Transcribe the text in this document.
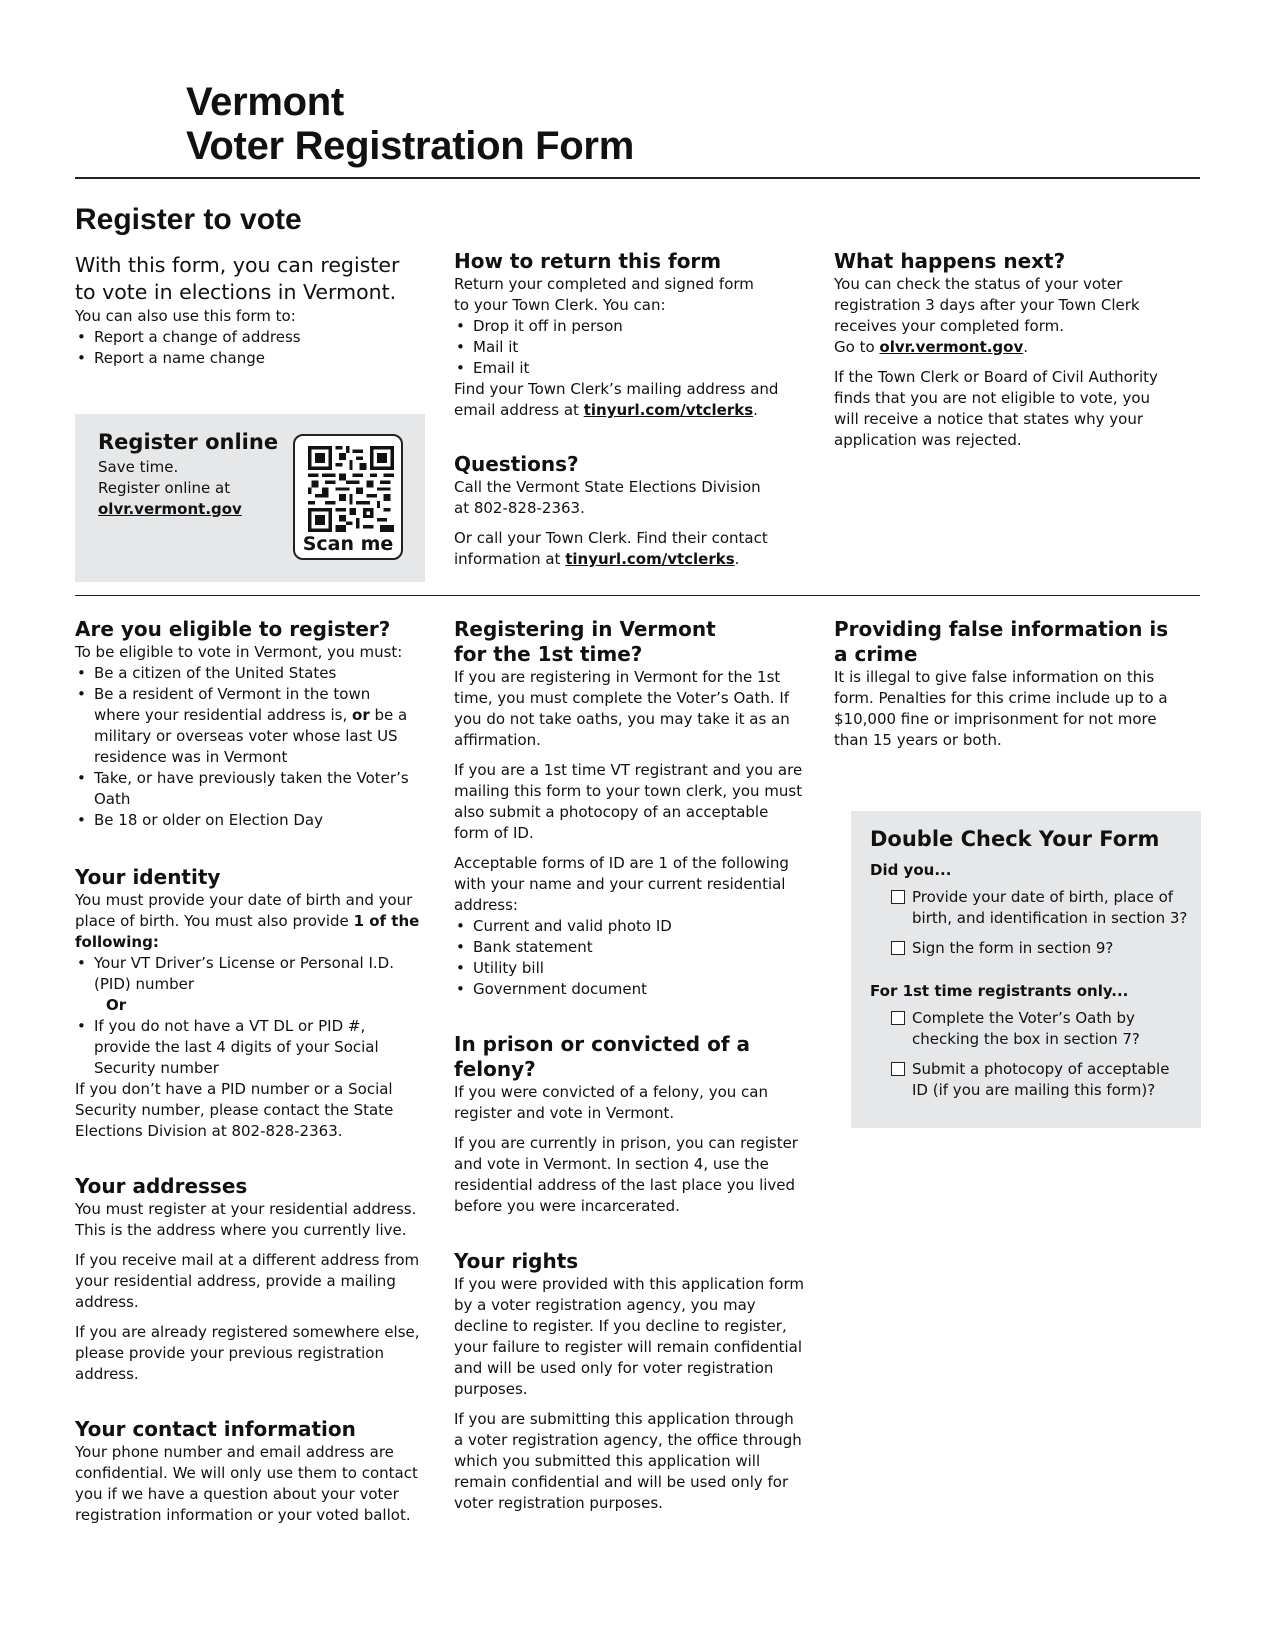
Vermont
Voter Registration Form
Register to vote

With this form, you can register

to vote in elections in Vermont.

You can also use this form to:

• Report a change of address
• Report a name change
Register online

Save time.

Register online at

olvr.vermont.gov

Scan me
How to return this form

Return your completed and signed form

to your Town Clerk. You can:

• Drop it off in person
• Mail it
• Email it

Find your Town Clerk’s mailing address and

email address at tinyurl.com/vtclerks.

Questions?

Call the Vermont State Elections Division

at 802-828-2363.

Or call your Town Clerk. Find their contact

information at tinyurl.com/vtclerks.

What happens next?

You can check the status of your voter

registration 3 days after your Town Clerk

receives your completed form.

Go to olvr.vermont.gov.

If the Town Clerk or Board of Civil Authority

finds that you are not eligible to vote, you

will receive a notice that states why your

application was rejected.

Are you eligible to register?

To be eligible to vote in Vermont, you must:

• Be a citizen of the United States
• Be a resident of Vermont in the town where your residential address is, or be a military or overseas voter whose last US residence was in Vermont
• Take, or have previously taken the Voter’s Oath
• Be 18 or older on Election Day
Your identity

You must provide your date of birth and your place of birth. You must also provide 1 of the following:

• Your VT Driver’s License or Personal I.D. (PID) number

Or

• If you do not have a VT DL or PID #, provide the last 4 digits of your Social Security number

If you don’t have a PID number or a Social Security number, please contact the State Elections Division at 802-828-2363.

Your addresses

You must register at your residential address. This is the address where you currently live.

If you receive mail at a different address from your residential address, provide a mailing address.

If you are already registered somewhere else, please provide your previous registration address.

Your contact information

Your phone number and email address are confidential. We will only use them to contact you if we have a question about your voter registration information or your voted ballot.

Registering in Vermont
for the 1st time?

If you are registering in Vermont for the 1st time, you must complete the Voter’s Oath. If you do not take oaths, you may take it as an affirmation.

If you are a 1st time VT registrant and you are mailing this form to your town clerk, you must also submit a photocopy of an acceptable form of ID.

Acceptable forms of ID are 1 of the following with your name and your current residential address:

• Current and valid photo ID
• Bank statement
• Utility bill
• Government document
In prison or convicted of a felony?

If you were convicted of a felony, you can register and vote in Vermont.

If you are currently in prison, you can register and vote in Vermont. In section 4, use the residential address of the last place you lived before you were incarcerated.

Your rights

If you were provided with this application form by a voter registration agency, you may decline to register. If you decline to register, your failure to register will remain confidential and will be used only for voter registration purposes.

If you are submitting this application through a voter registration agency, the office through which you submitted this application will remain confidential and will be used only for voter registration purposes.

Providing false information is
a crime

It is illegal to give false information on this form. Penalties for this crime include up to a $10,000 fine or imprisonment for not more than 15 years or both.

Double Check Your Form

Did you...

Provide your date of birth, place of birth, and identification in section 3?
Sign the form in section 9?

For 1st time registrants only...

Complete the Voter’s Oath by checking the box in section 7?
Submit a photocopy of acceptable ID (if you are mailing this form)?
